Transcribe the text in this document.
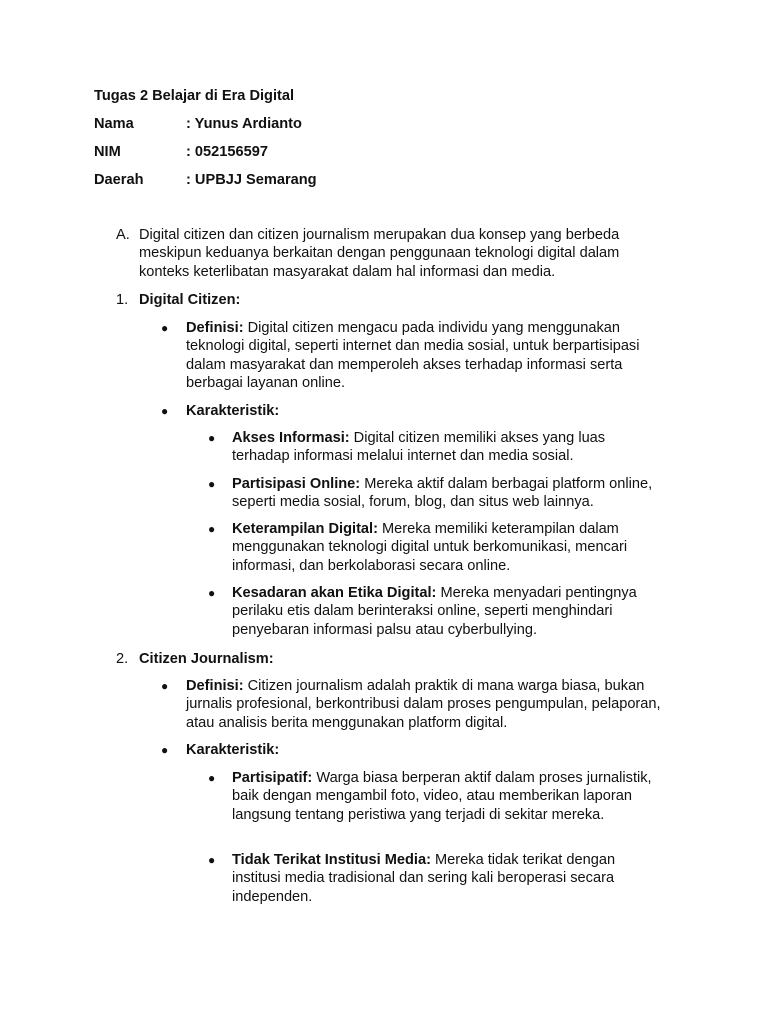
Tugas 2 Belajar di Era Digital
Nama	: Yunus Ardianto
NIM	: 052156597
Daerah	: UPBJJ Semarang
A. Digital citizen dan citizen journalism merupakan dua konsep yang berbeda meskipun keduanya berkaitan dengan penggunaan teknologi digital dalam konteks keterlibatan masyarakat dalam hal informasi dan media.
1. Digital Citizen:
● Definisi: Digital citizen mengacu pada individu yang menggunakan teknologi digital, seperti internet dan media sosial, untuk berpartisipasi dalam masyarakat dan memperoleh akses terhadap informasi serta berbagai layanan online.
● Karakteristik:
● Akses Informasi: Digital citizen memiliki akses yang luas terhadap informasi melalui internet dan media sosial.
● Partisipasi Online: Mereka aktif dalam berbagai platform online, seperti media sosial, forum, blog, dan situs web lainnya.
● Keterampilan Digital: Mereka memiliki keterampilan dalam menggunakan teknologi digital untuk berkomunikasi, mencari informasi, dan berkolaborasi secara online.
● Kesadaran akan Etika Digital: Mereka menyadari pentingnya perilaku etis dalam berinteraksi online, seperti menghindari penyebaran informasi palsu atau cyberbullying.
2. Citizen Journalism:
● Definisi: Citizen journalism adalah praktik di mana warga biasa, bukan jurnalis profesional, berkontribusi dalam proses pengumpulan, pelaporan, atau analisis berita menggunakan platform digital.
● Karakteristik:
● Partisipatif: Warga biasa berperan aktif dalam proses jurnalistik, baik dengan mengambil foto, video, atau memberikan laporan langsung tentang peristiwa yang terjadi di sekitar mereka.
● Tidak Terikat Institusi Media: Mereka tidak terikat dengan institusi media tradisional dan sering kali beroperasi secara independen.
